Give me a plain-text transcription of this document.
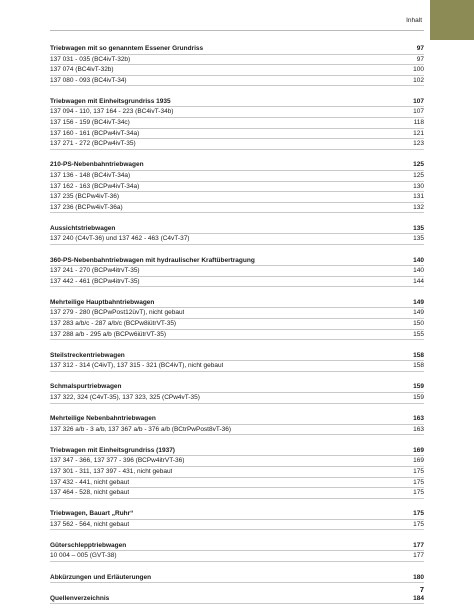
Inhalt
Triebwagen mit so genanntem Essener Grundriss	97
137 031 - 035 (BC4ivT-32b)	97
137 074 (BC4ivT-32b)	100
137 080 - 093 (BC4ivT-34)	102
Triebwagen mit Einheitsgrundriss 1935	107
137 094 - 110, 137 164 - 223 (BC4ivT-34b)	107
137 156 - 159 (BC4ivT-34c)	118
137 160 - 161 (BCPw4ivT-34a)	121
137 271 - 272 (BCPw4ivT-35)	123
210-PS-Nebenbahntriebwagen	125
137 136 - 148 (BC4ivT-34a)	125
137 162 - 163 (BCPw4ivT-34a)	130
137 235 (BCPw4ivT-36)	131
137 236 (BCPw4ivT-36a)	132
Aussichtstriebwagen	135
137 240 (C4vT-36) und 137 462 - 463 (C4vT-37)	135
360-PS-Nebenbahntriebwagen mit hydraulischer Kraftübertragung	140
137 241 - 270 (BCPw4itrvT-35)	140
137 442 - 461 (BCPw4itrvT-35)	144
Mehrteilige Hauptbahntriebwagen	149
137 279 - 280 (BCPwPost12üvT), nicht gebaut	149
137 283 a/b/c - 287 a/b/c (BCPw8iütrVT-35)	150
137 288 a/b - 295 a/b (BCPw6iütrVT-35)	155
Steilstreckentriebwagen	158
137 312 - 314 (C4ivT), 137 315 - 321 (BC4ivT), nicht gebaut	158
Schmalspurtriebwagen	159
137 322, 324 (C4vT-35), 137 323, 325 (CPw4vT-35)	159
Mehrteilige Nebenbahntriebwagen	163
137 326 a/b - 3 a/b, 137 367 a/b - 376 a/b (BCtrPwPost8vT-36)	163
Triebwagen mit Einheitsgrundriss (1937)	169
137 347 - 366, 137 377 - 396 (BCPw4itrVT-36)	169
137 301 - 311, 137 397 - 431, nicht gebaut	175
137 432 - 441, nicht gebaut	175
137 464 - 528, nicht gebaut	175
Triebwagen, Bauart „Ruhr“	175
137 562 - 564, nicht gebaut	175
Güterschlepptriebwagen	177
10 004 – 005 (GVT-38)	177
Abkürzungen und Erläuterungen	180
Quellenverzeichnis	184
7
